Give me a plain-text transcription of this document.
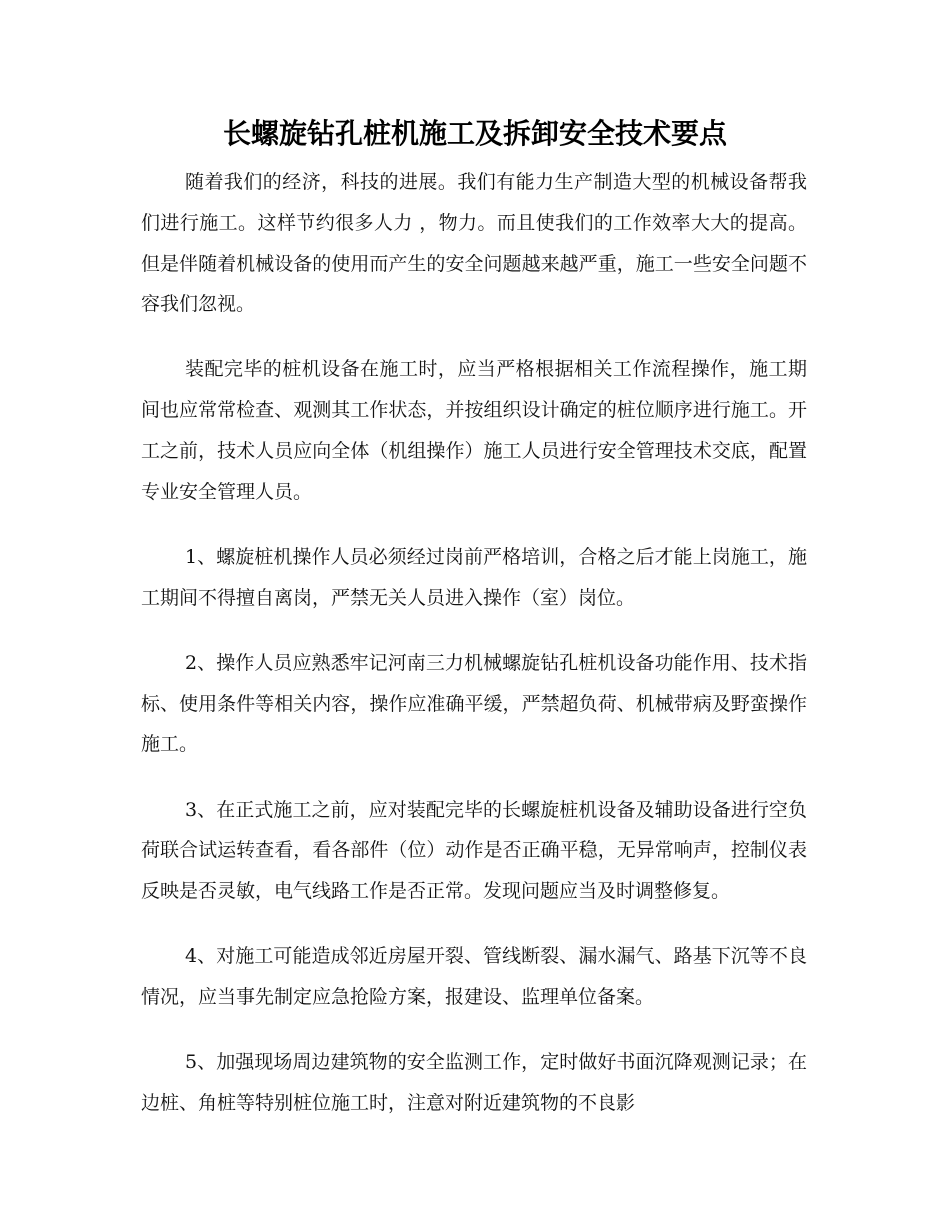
长螺旋钻孔桩机施工及拆卸安全技术要点

随着我们的经济，科技的进展。我们有能力生产制造大型的机械设备帮我们进行施工。这样节约很多人力 ，物力。而且使我们的工作效率大大的提高。但是伴随着机械设备的使用而产生的安全问题越来越严重，施工一些安全问题不容我们忽视。

装配完毕的桩机设备在施工时，应当严格根据相关工作流程操作，施工期间也应常常检查、观测其工作状态，并按组织设计确定的桩位顺序进行施工。开工之前，技术人员应向全体（机组操作）施工人员进行安全管理技术交底，配置专业安全管理人员。

1、螺旋桩机操作人员必须经过岗前严格培训，合格之后才能上岗施工，施工期间不得擅自离岗，严禁无关人员进入操作（室）岗位。

2、操作人员应熟悉牢记河南三力机械螺旋钻孔桩机设备功能作用、技术指标、使用条件等相关内容，操作应准确平缓，严禁超负荷、机械带病及野蛮操作施工。

3、在正式施工之前，应对装配完毕的长螺旋桩机设备及辅助设备进行空负荷联合试运转查看，看各部件（位）动作是否正确平稳，无异常响声，控制仪表反映是否灵敏，电气线路工作是否正常。发现问题应当及时调整修复。

4、对施工可能造成邻近房屋开裂、管线断裂、漏水漏气、路基下沉等不良情况，应当事先制定应急抢险方案，报建设、监理单位备案。

5、加强现场周边建筑物的安全监测工作，定时做好书面沉降观测记录；在边桩、角桩等特别桩位施工时，注意对附近建筑物的不良影
